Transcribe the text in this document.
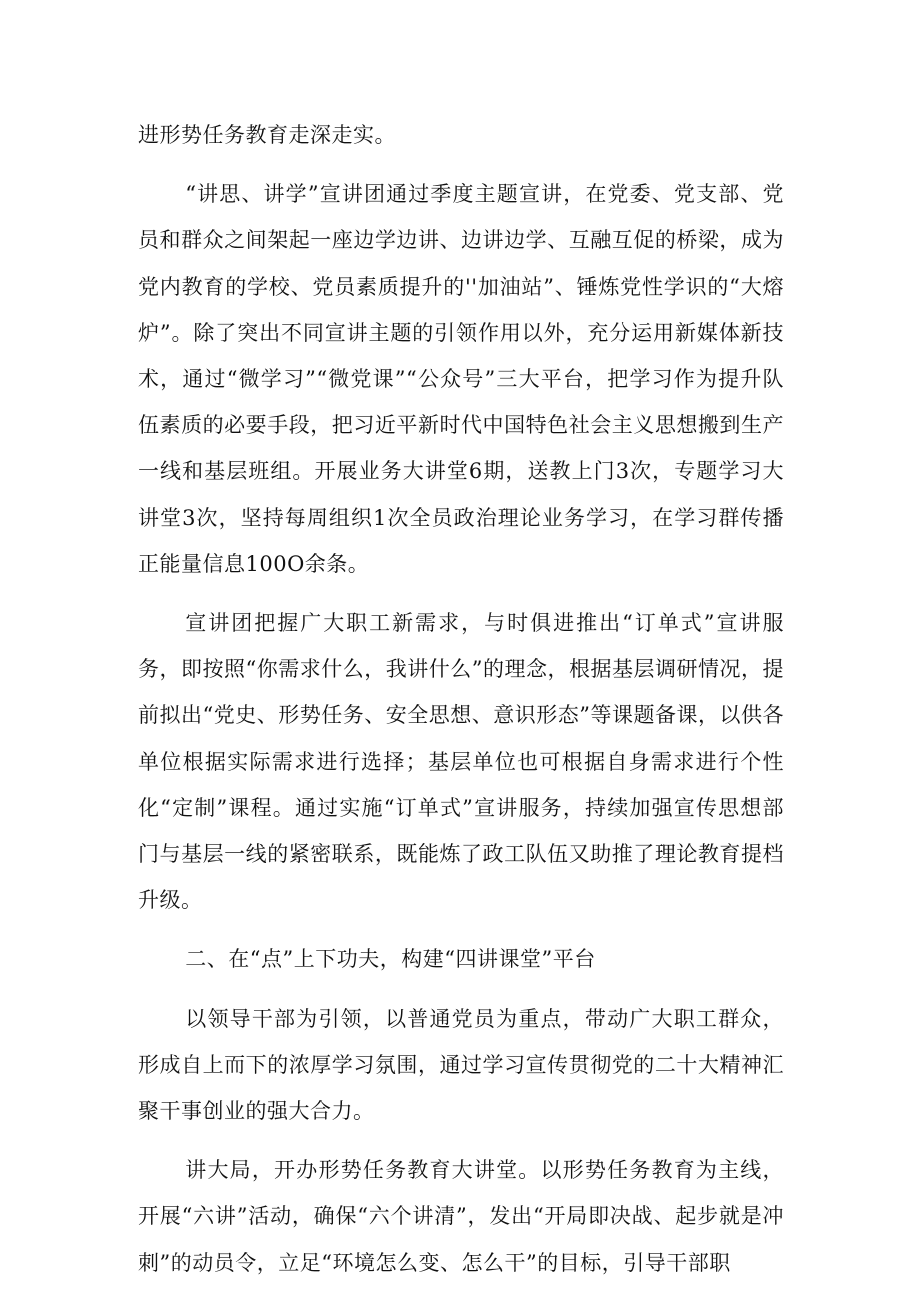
进形势任务教育走深走实。

“讲思、讲学”宣讲团通过季度主题宣讲，在党委、党支部、党员和群众之间架起一座边学边讲、边讲边学、互融互促的桥梁，成为党内教育的学校、党员素质提升的''加油站”、锤炼党性学识的“大熔炉”。除了突出不同宣讲主题的引领作用以外，充分运用新媒体新技术，通过“微学习”“微党课”“公众号”三大平台，把学习作为提升队伍素质的必要手段，把习近平新时代中国特色社会主义思想搬到生产一线和基层班组。开展业务大讲堂6期，送教上门3次，专题学习大讲堂3次，坚持每周组织1次全员政治理论业务学习，在学习群传播正能量信息100O余条。

宣讲团把握广大职工新需求，与时俱进推出“订单式”宣讲服务，即按照“你需求什么，我讲什么”的理念，根据基层调研情况，提前拟出“党史、形势任务、安全思想、意识形态”等课题备课，以供各单位根据实际需求进行选择；基层单位也可根据自身需求进行个性化“定制”课程。通过实施“订单式”宣讲服务，持续加强宣传思想部门与基层一线的紧密联系，既能炼了政工队伍又助推了理论教育提档升级。

二、在“点”上下功夫，构建“四讲课堂”平台

以领导干部为引领，以普通党员为重点，带动广大职工群众，形成自上而下的浓厚学习氛围，通过学习宣传贯彻党的二十大精神汇聚干事创业的强大合力。

讲大局，开办形势任务教育大讲堂。以形势任务教育为主线，开展“六讲”活动，确保“六个讲清”，发出“开局即决战、起步就是冲刺”的动员令，立足“环境怎么变、怎么干”的目标，引导干部职
